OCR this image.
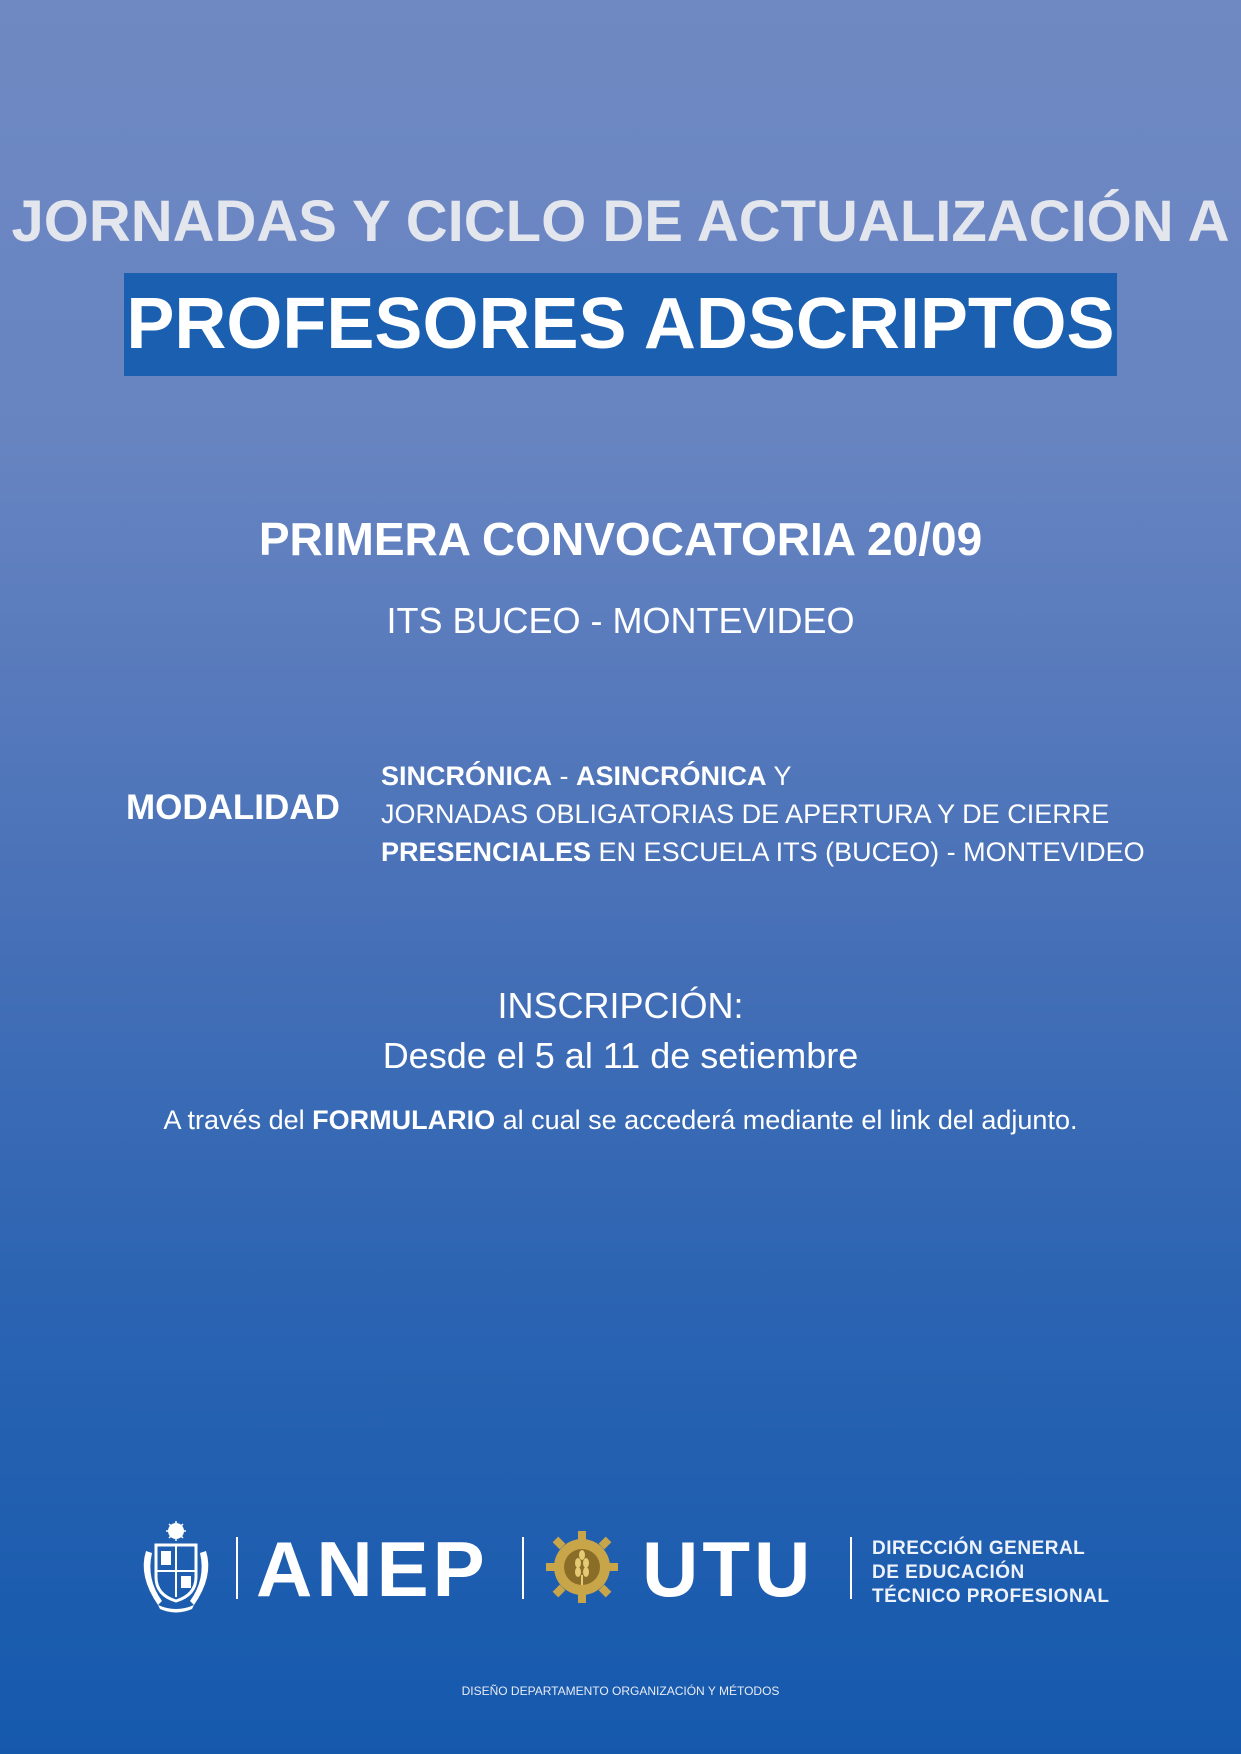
JORNADAS Y CICLO DE ACTUALIZACIÓN A
PROFESORES ADSCRIPTOS
PRIMERA CONVOCATORIA 20/09
ITS BUCEO - MONTEVIDEO
MODALIDAD
SINCRÓNICA - ASINCRÓNICA Y
JORNADAS OBLIGATORIAS DE APERTURA Y DE CIERRE
PRESENCIALES EN ESCUELA ITS (BUCEO) - MONTEVIDEO
INSCRIPCIÓN:
Desde el 5 al 11 de setiembre
A través del FORMULARIO al cual se accederá mediante el link del adjunto.
ANEP UTU	DIRECCIÓN GENERAL
DE EDUCACIÓN
TÉCNICO PROFESIONAL
DISEÑO DEPARTAMENTO ORGANIZACIÓN Y MÉTODOS
